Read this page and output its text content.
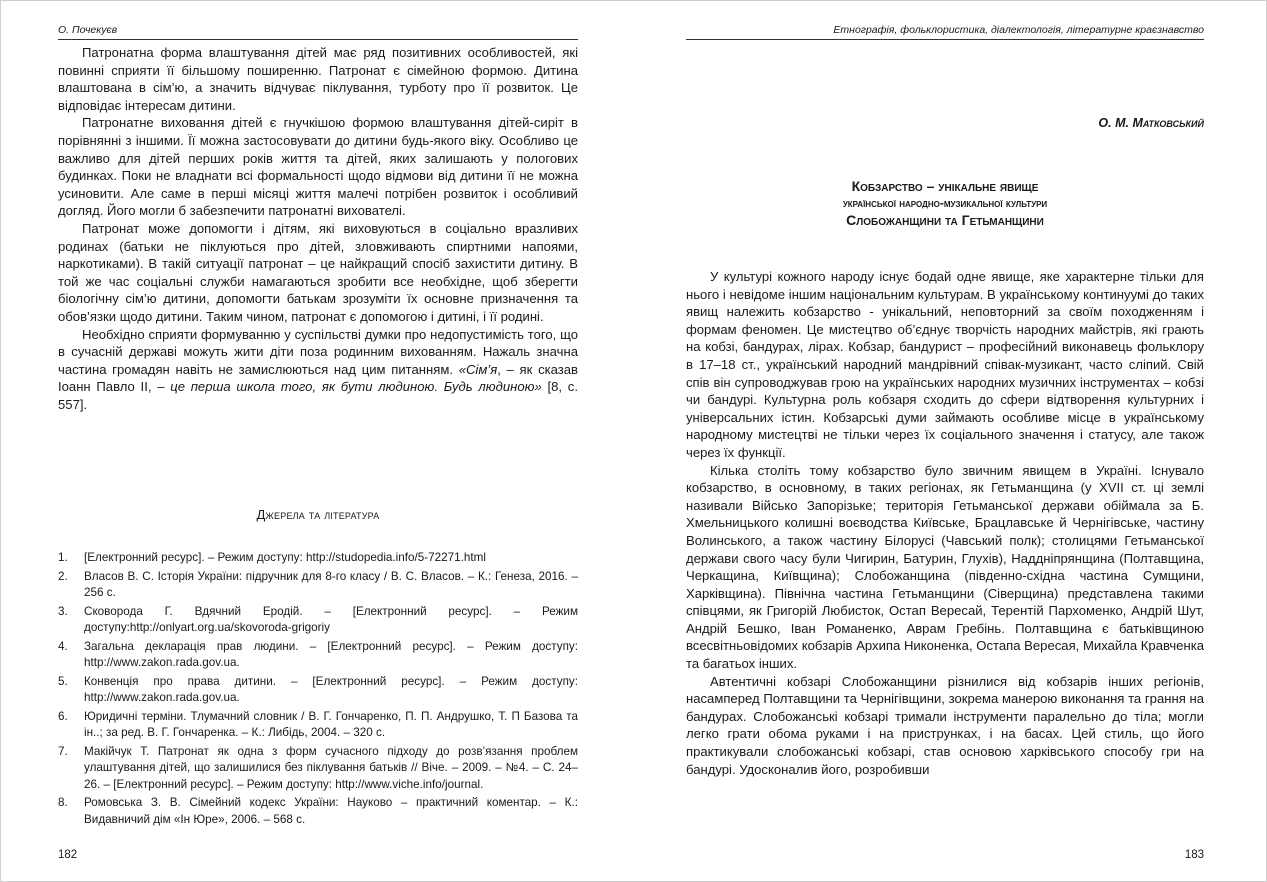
О. Почекуєв

Патронатна форма влаштування дітей має ряд позитивних особливостей, які повинні сприяти її більшому поширенню. Патронат є сімейною формою. Дитина влаштована в сім’ю, а значить відчуває піклування, турботу про її розвиток. Це відповідає інтересам дитини.

Патронатне виховання дітей є гнучкішою формою влаштування дітей-сиріт в порівнянні з іншими. Її можна застосовувати до дитини будь-якого віку. Особливо це важливо для дітей перших років життя та дітей, яких залишають у пологових будинках. Поки не владнати всі формальності щодо відмови від дитини її не можна усиновити. Але саме в перші місяці життя малечі потрібен розвиток і особливий догляд. Його могли б забезпечити патронатні вихователі.

Патронат може допомогти і дітям, які виховуються в соціально вразливих родинах (батьки не піклуються про дітей, зловживають спиртними напоями, наркотиками). В такій ситуації патронат – це найкращий спосіб захистити дитину. В той же час соціальні служби намагаються зробити все необхідне, щоб зберегти біологічну сім’ю дитини, допомогти батькам зрозуміти їх основне призначення та обов’язки щодо дитини. Таким чином, патронат є допомогою і дитині, і її родині.

Необхідно сприяти формуванню у суспільстві думки про недопустимість того, що в сучасній державі можуть жити діти поза родинним вихованням. Нажаль значна частина громадян навіть не замислюються над цим питанням. «Сім’я, – як сказав Іоанн Павло ІІ, – це перша школа того, як бути людиною. Будь людиною» [8, с. 557].

Джерела та література
1. [Електронний ресурс]. – Режим доступу: http://studopedia.info/5-72271.html
2. Власов В. С. Історія України: підручник для 8-го класу / В. С. Власов. – К.: Генеза, 2016. – 256 с.
3. Сковорода Г. Вдячний Еродій. – [Електронний ресурс]. – Режим доступу:http://onlyart.org.ua/skovoroda-grigoriy
4. Загальна декларація прав людини. – [Електронний ресурс]. – Режим доступу: http://www.zakon.rada.gov.ua.
5. Конвенція про права дитини. – [Електронний ресурс]. – Режим доступу: http://www.zakon.rada.gov.ua.
6. Юридичні терміни. Тлумачний словник / В. Г. Гончаренко, П. П. Андрушко, Т. П Базова та ін..; за ред. В. Г. Гончаренка. – К.: Либідь, 2004. – 320 с.
7. Макійчук Т. Патронат як одна з форм сучасного підходу до розв’язання проблем улаштування дітей, що залишилися без піклування батьків // Віче. – 2009. – №4. – С. 24–26. – [Електронний ресурс]. – Режим доступу: http://www.viche.info/journal.
8. Ромовська З. В. Сімейний кодекс України: Науково – практичний коментар. – К.: Видавничий дім «Ін Юре», 2006. – 568 с.
182
Етнографія, фольклористика, діалектологія, літературне краєзнавство
О. М. Матковський
Кобзарство – унікальне явище
української народно-музикальної культури
Слобожанщини та Гетьманщини

У культурі кожного народу існує бодай одне явище, яке характерне тільки для нього і невідоме іншим національним культурам. В українському континуумі до таких явищ належить кобзарство - унікальний, неповторний за своїм походженням і формам феномен. Це мистецтво об’єднує творчість народних майстрів, які грають на кобзі, бандурах, лірах. Кобзар, бандурист – професійний виконавець фольклору в 17–18 ст., український народний мандрівний співак-музикант, часто сліпий. Свій спів він супроводжував грою на українських народних музичних інструментах – кобзі чи бандурі. Культурна роль кобзаря сходить до сфери відтворення культурних і універсальних істин. Кобзарські думи займають особливе місце в українському народному мистецтві не тільки через їх соціального значення і статусу, але також через їх функції.

Кілька століть тому кобзарство було звичним явищем в Україні. Існувало кобзарство, в основному, в таких регіонах, як Гетьманщина (у XVII ст. ці землі називали Військо Запорізьке; територія Гетьманської держави обіймала за Б. Хмельницького колишні воєводства Київське, Брацлавське й Чернігівське, частину Волинського, а також частину Білорусі (Чавський полк); столицями Гетьманської держави свого часу були Чигирин, Батурин, Глухів), Наддніпрянщина (Полтавщина, Черкащина, Київщина); Слобожанщина (південно-східна частина Сумщини, Харківщина). Північна частина Гетьманщини (Сіверщина) представлена такими співцями, як Григорій Любисток, Остап Вересай, Терентій Пархоменко, Андрій Шут, Андрій Бешко, Іван Романенко, Аврам Гребінь. Полтавщина є батьківщиною всесвітньовідомих кобзарів Архипа Никоненка, Остапа Вересая, Михайла Кравченка та багатьох інших.

Автентичні кобзарі Слобожанщини різнилися від кобзарів інших регіонів, насамперед Полтавщини та Чернігівщини, зокрема манерою виконання та грання на бандурах. Слобожанські кобзарі тримали інструменти паралельно до тіла; могли легко грати обома руками і на приструнках, і на басах. Цей стиль, що його практикували слобожанські кобзарі, став основою харківського способу гри на бандурі. Удосконалив його, розробивши

183
